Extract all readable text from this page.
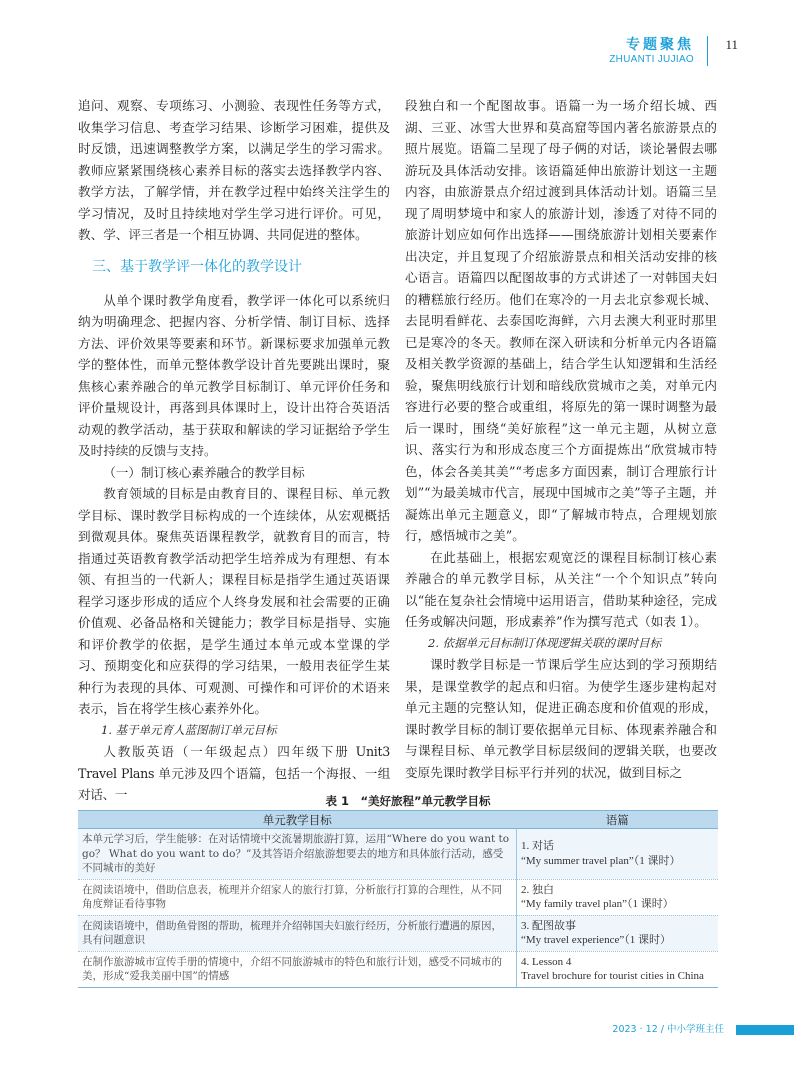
专题聚焦
ZHUANTI JUJIAO
11

追问、观察、专项练习、小测验、表现性任务等方式，收集学习信息、考查学习结果、诊断学习困难，提供及时反馈，迅速调整教学方案，以满足学生的学习需求。教师应紧紧围绕核心素养目标的落实去选择教学内容、教学方法，了解学情，并在教学过程中始终关注学生的学习情况，及时且持续地对学生学习进行评价。可见，教、学、评三者是一个相互协调、共同促进的整体。

三、基于教学评一体化的教学设计

从单个课时教学角度看，教学评一体化可以系统归纳为明确理念、把握内容、分析学情、制订目标、选择方法、评价效果等要素和环节。新课标要求加强单元教学的整体性，而单元整体教学设计首先要跳出课时，聚焦核心素养融合的单元教学目标制订、单元评价任务和评价量规设计，再落到具体课时上，设计出符合英语活动观的教学活动，基于获取和解读的学习证据给予学生及时持续的反馈与支持。

（一）制订核心素养融合的教学目标

教育领域的目标是由教育目的、课程目标、单元教学目标、课时教学目标构成的一个连续体，从宏观概括到微观具体。聚焦英语课程教学，就教育目的而言，特指通过英语教育教学活动把学生培养成为有理想、有本领、有担当的一代新人；课程目标是指学生通过英语课程学习逐步形成的适应个人终身发展和社会需要的正确价值观、必备品格和关键能力；教学目标是指导、实施和评价教学的依据，是学生通过本单元或本堂课的学习、预期变化和应获得的学习结果，一般用表征学生某种行为表现的具体、可观测、可操作和可评价的术语来表示，旨在将学生核心素养外化。

1. 基于单元育人蓝图制订单元目标

人教版英语（一年级起点）四年级下册 Unit3 Travel Plans 单元涉及四个语篇，包括一个海报、一组对话、一

段独白和一个配图故事。语篇一为一场介绍长城、西湖、三亚、冰雪大世界和莫高窟等国内著名旅游景点的照片展览。语篇二呈现了母子俩的对话，谈论暑假去哪游玩及具体活动安排。该语篇延伸出旅游计划这一主题内容，由旅游景点介绍过渡到具体活动计划。语篇三呈现了周明梦境中和家人的旅游计划，渗透了对待不同的旅游计划应如何作出选择——围绕旅游计划相关要素作出决定，并且复现了介绍旅游景点和相关活动安排的核心语言。语篇四以配图故事的方式讲述了一对韩国夫妇的糟糕旅行经历。他们在寒冷的一月去北京参观长城、去昆明看鲜花、去泰国吃海鲜，六月去澳大利亚时那里已是寒冷的冬天。教师在深入研读和分析单元内各语篇及相关教学资源的基础上，结合学生认知逻辑和生活经验，聚焦明线旅行计划和暗线欣赏城市之美，对单元内容进行必要的整合或重组，将原先的第一课时调整为最后一课时，围绕“美好旅程”这一单元主题，从树立意识、落实行为和形成态度三个方面提炼出“欣赏城市特色，体会各美其美”“考虑多方面因素，制订合理旅行计划”“为最美城市代言，展现中国城市之美”等子主题，并凝炼出单元主题意义，即“了解城市特点，合理规划旅行，感悟城市之美”。

在此基础上，根据宏观宽泛的课程目标制订核心素养融合的单元教学目标，从关注“一个个知识点”转向以“能在复杂社会情境中运用语言，借助某种途径，完成任务或解决问题，形成素养”作为撰写范式（如表 1）。

2. 依据单元目标制订体现逻辑关联的课时目标

课时教学目标是一节课后学生应达到的学习预期结果，是课堂教学的起点和归宿。为使学生逐步建构起对单元主题的完整认知，促进正确态度和价值观的形成，课时教学目标的制订要依据单元目标、体现素养融合和与课程目标、单元教学目标层级间的逻辑关联，也要改变原先课时教学目标平行并列的状况，做到目标之

表 1　“美好旅程”单元教学目标
单元教学目标	语篇
本单元学习后，学生能够：在对话情境中交流暑期旅游打算，运用“Where do you want to go？ What do you want to do？”及其答语介绍旅游想要去的地方和具体旅行活动，感受不同城市的美好	1. 对话
“My summer travel plan”（1 课时）

在阅读语境中，借助信息表，梳理并介绍家人的旅行打算，分析旅行打算的合理性，从不同角度辩证看待事物	2. 独白
“My family travel plan”（1 课时）

在阅读语境中，借助鱼骨图的帮助，梳理并介绍韩国夫妇旅行经历，分析旅行遭遇的原因，具有问题意识	3. 配图故事
“My travel experience”（1 课时）

在制作旅游城市宣传手册的情境中，介绍不同旅游城市的特色和旅行计划，感受不同城市的美，形成“爱我美丽中国”的情感	4. Lesson 4
Travel brochure for tourist cities in China
2023 · 12 / 中小学班主任
